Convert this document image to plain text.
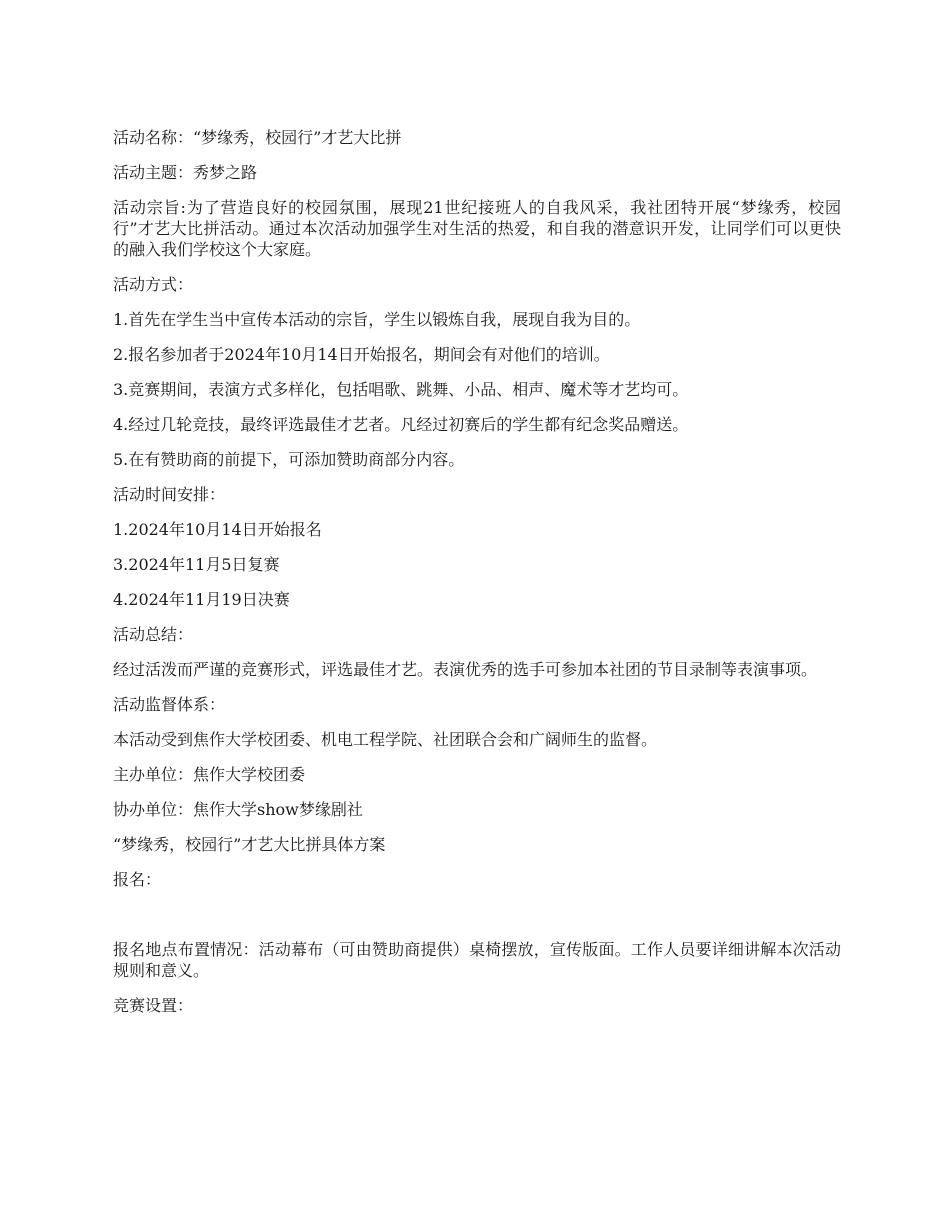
活动名称：“梦缘秀，校园行”才艺大比拼

活动主题：秀梦之路

活动宗旨:为了营造良好的校园氛围，展现21世纪接班人的自我风采，我社团特开展“梦缘秀，校园行”才艺大比拼活动。通过本次活动加强学生对生活的热爱，和自我的潜意识开发，让同学们可以更快的融入我们学校这个大家庭。

活动方式：

1.首先在学生当中宣传本活动的宗旨，学生以锻炼自我，展现自我为目的。

2.报名参加者于2024年10月14日开始报名，期间会有对他们的培训。

3.竞赛期间，表演方式多样化，包括唱歌、跳舞、小品、相声、魔术等才艺均可。

4.经过几轮竞技，最终评选最佳才艺者。凡经过初赛后的学生都有纪念奖品赠送。

5.在有赞助商的前提下，可添加赞助商部分内容。

活动时间安排：

1.2024年10月14日开始报名

3.2024年11月5日复赛

4.2024年11月19日决赛

活动总结：

经过活泼而严谨的竞赛形式，评选最佳才艺。表演优秀的选手可参加本社团的节目录制等表演事项。

活动监督体系：

本活动受到焦作大学校团委、机电工程学院、社团联合会和广阔师生的监督。

主办单位：焦作大学校团委

协办单位：焦作大学show梦缘剧社

“梦缘秀，校园行”才艺大比拼具体方案

报名：

报名地点布置情况：活动幕布（可由赞助商提供）桌椅摆放，宣传版面。工作人员要详细讲解本次活动规则和意义。

竞赛设置：
